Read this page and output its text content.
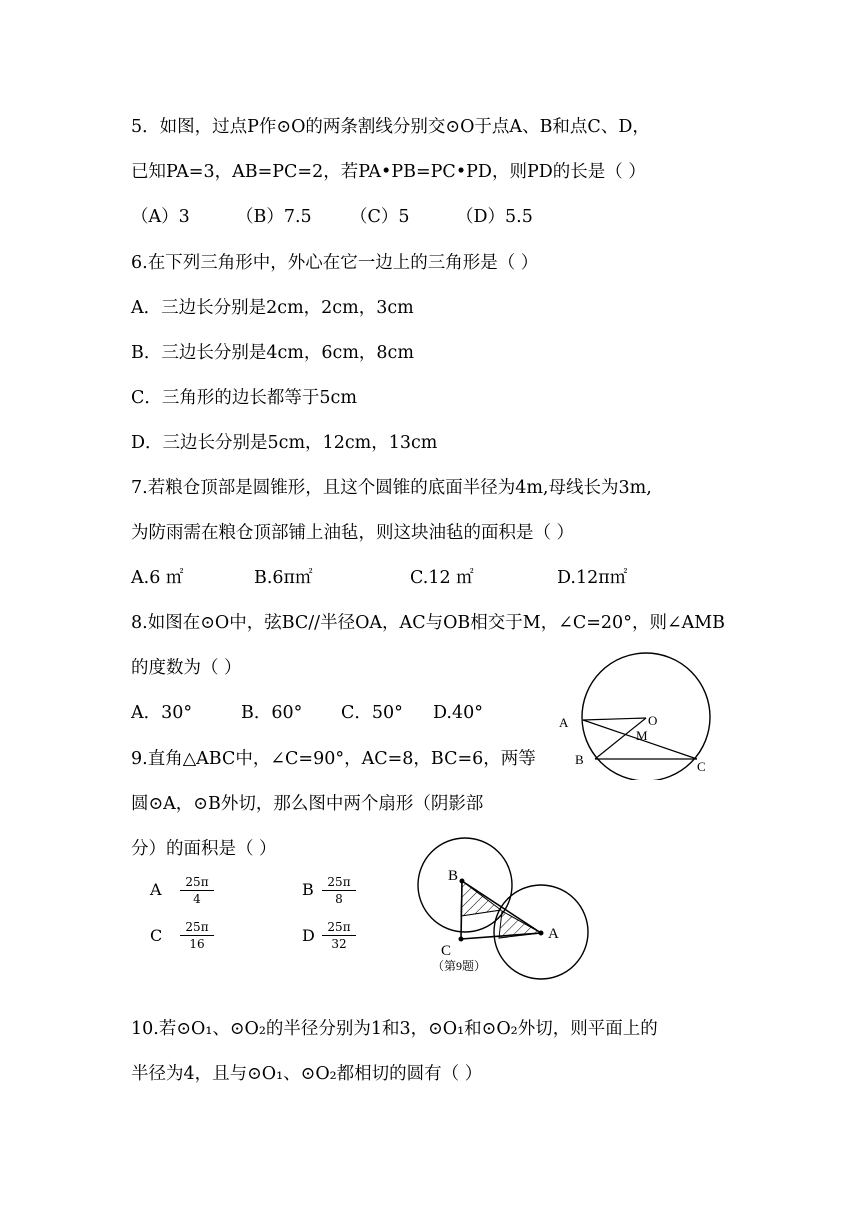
5．如图，过点P作⊙O的两条割线分别交⊙O于点A、B和点C、D，
已知PA=3，AB=PC=2，若PA•PB=PC•PD，则PD的长是（ ）
（A）3	（B）7.5 （C）5	（D）5.5
6.在下列三角形中，外心在它一边上的三角形是（ ）
A．三边长分别是2cm，2cm，3cm
B．三边长分别是4cm，6cm，8cm
C．三角形的边长都等于5cm
D．三边长分别是5cm，12cm，13cm
7.若粮仓顶部是圆锥形，且这个圆锥的底面半径为4m,母线长为3m,
为防雨需在粮仓顶部铺上油毡，则这块油毡的面积是（ ）
A.6 ㎡	B.6π㎡	C.12 ㎡	D.12π㎡
8.如图在⊙O中，弦BC//半径OA，AC与OB相交于M，∠C=20°，则∠AMB
的度数为（ ）
A．30°	B．60° C．50° D.40°	A	O
M
B	C
9.直角△ABC中，∠C=90°，AC=8，BC=6，两等
圆⊙A，⊙B外切，那么图中两个扇形（阴影部
分）的面积是（ ）
A $\frac{25\pi}{4}$	B $\frac{25\pi}{8}$
C $\frac{25\pi}{16}$	D $\frac{25\pi}{32}$
B
C
A
（第9题）
10.若⊙O₁、⊙O₂的半径分别为1和3，⊙O₁和⊙O₂外切，则平面上的
半径为4，且与⊙O₁、⊙O₂都相切的圆有（ ）
